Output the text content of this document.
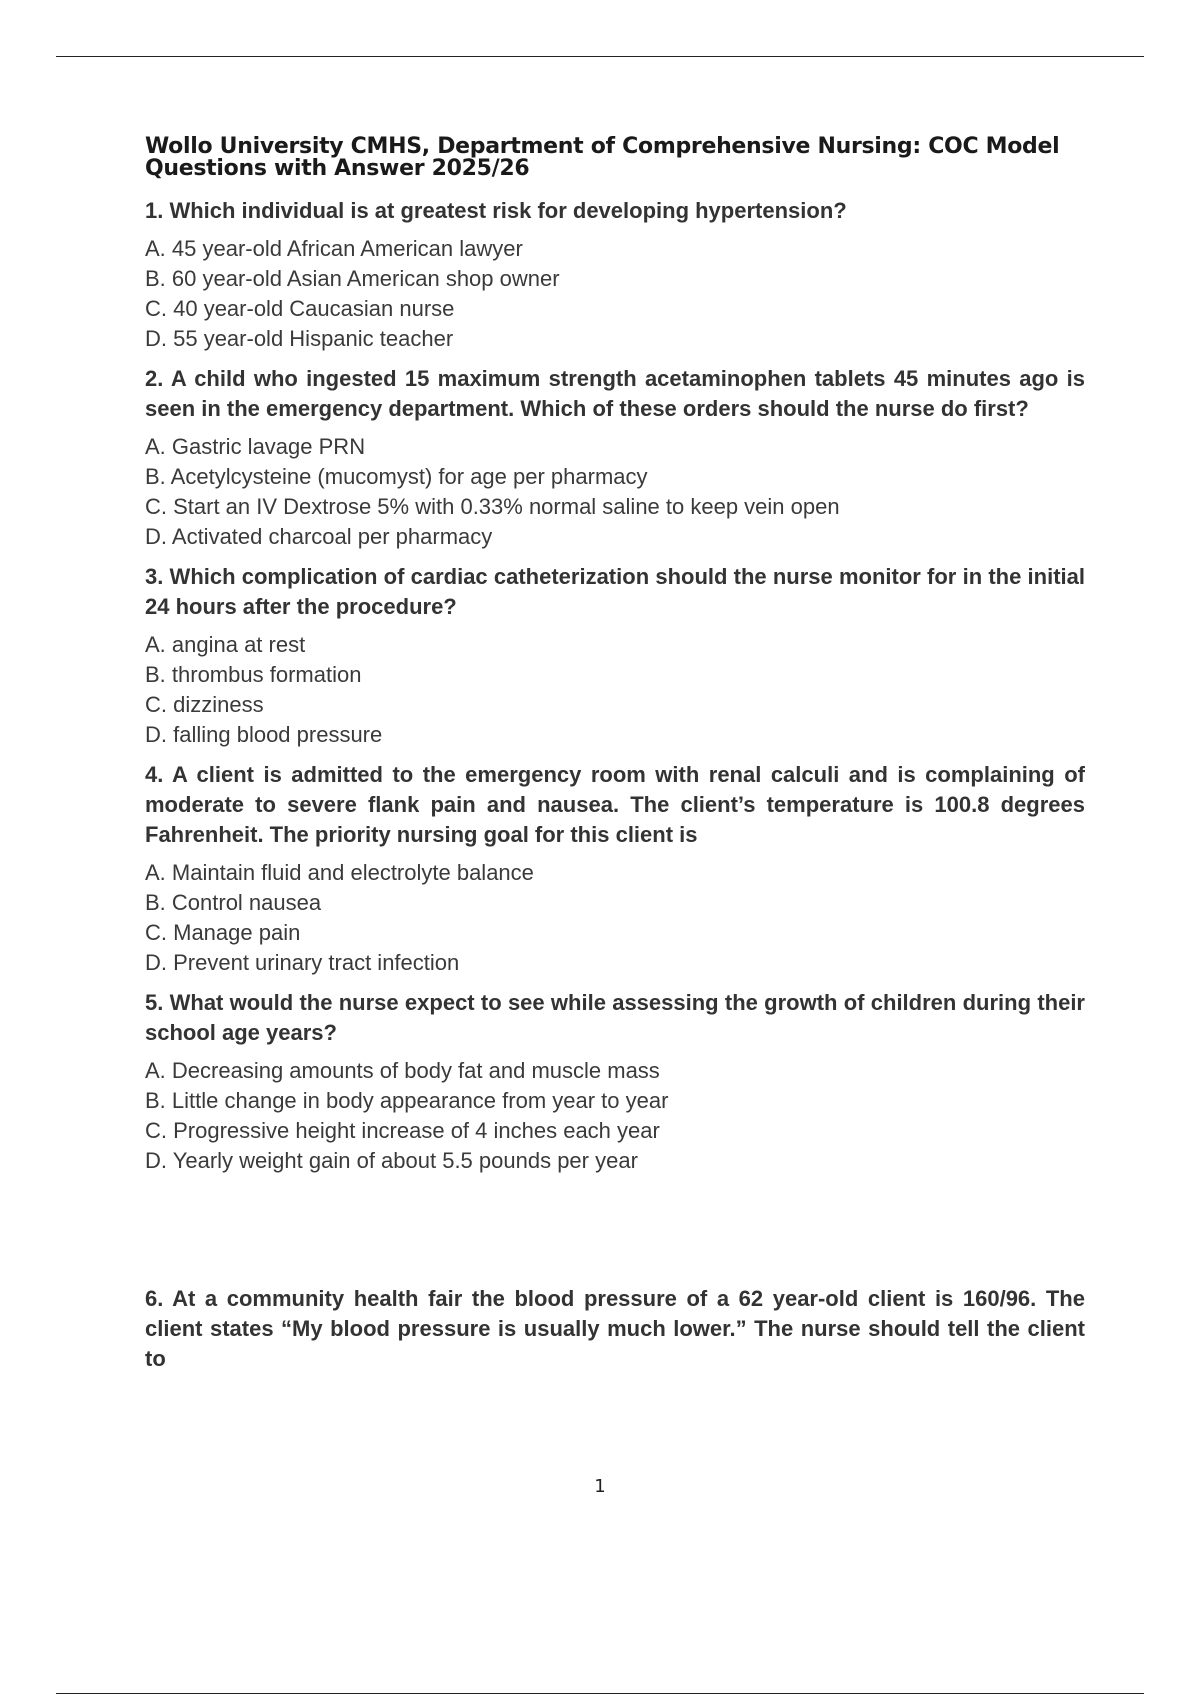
Wollo University CMHS, Department of Comprehensive Nursing: COC Model Questions with Answer 2025/26

1. Which individual is at greatest risk for developing hypertension?

A. 45 year-old African American lawyer
B. 60 year-old Asian American shop owner
C. 40 year-old Caucasian nurse
D. 55 year-old Hispanic teacher

2. A child who ingested 15 maximum strength acetaminophen tablets 45 minutes ago is seen in the emergency department. Which of these orders should the nurse do first?

A. Gastric lavage PRN
B. Acetylcysteine (mucomyst) for age per pharmacy
C. Start an IV Dextrose 5% with 0.33% normal saline to keep vein open
D. Activated charcoal per pharmacy

3. Which complication of cardiac catheterization should the nurse monitor for in the initial 24 hours after the procedure?

A. angina at rest
B. thrombus formation
C. dizziness
D. falling blood pressure

4. A client is admitted to the emergency room with renal calculi and is complaining of moderate to severe flank pain and nausea. The client’s temperature is 100.8 degrees Fahrenheit. The priority nursing goal for this client is

A. Maintain fluid and electrolyte balance
B. Control nausea
C. Manage pain
D. Prevent urinary tract infection

5. What would the nurse expect to see while assessing the growth of children during their school age years?

A. Decreasing amounts of body fat and muscle mass
B. Little change in body appearance from year to year
C. Progressive height increase of 4 inches each year
D. Yearly weight gain of about 5.5 pounds per year

6. At a community health fair the blood pressure of a 62 year-old client is 160/96. The client states “My blood pressure is usually much lower.” The nurse should tell the client to

1
